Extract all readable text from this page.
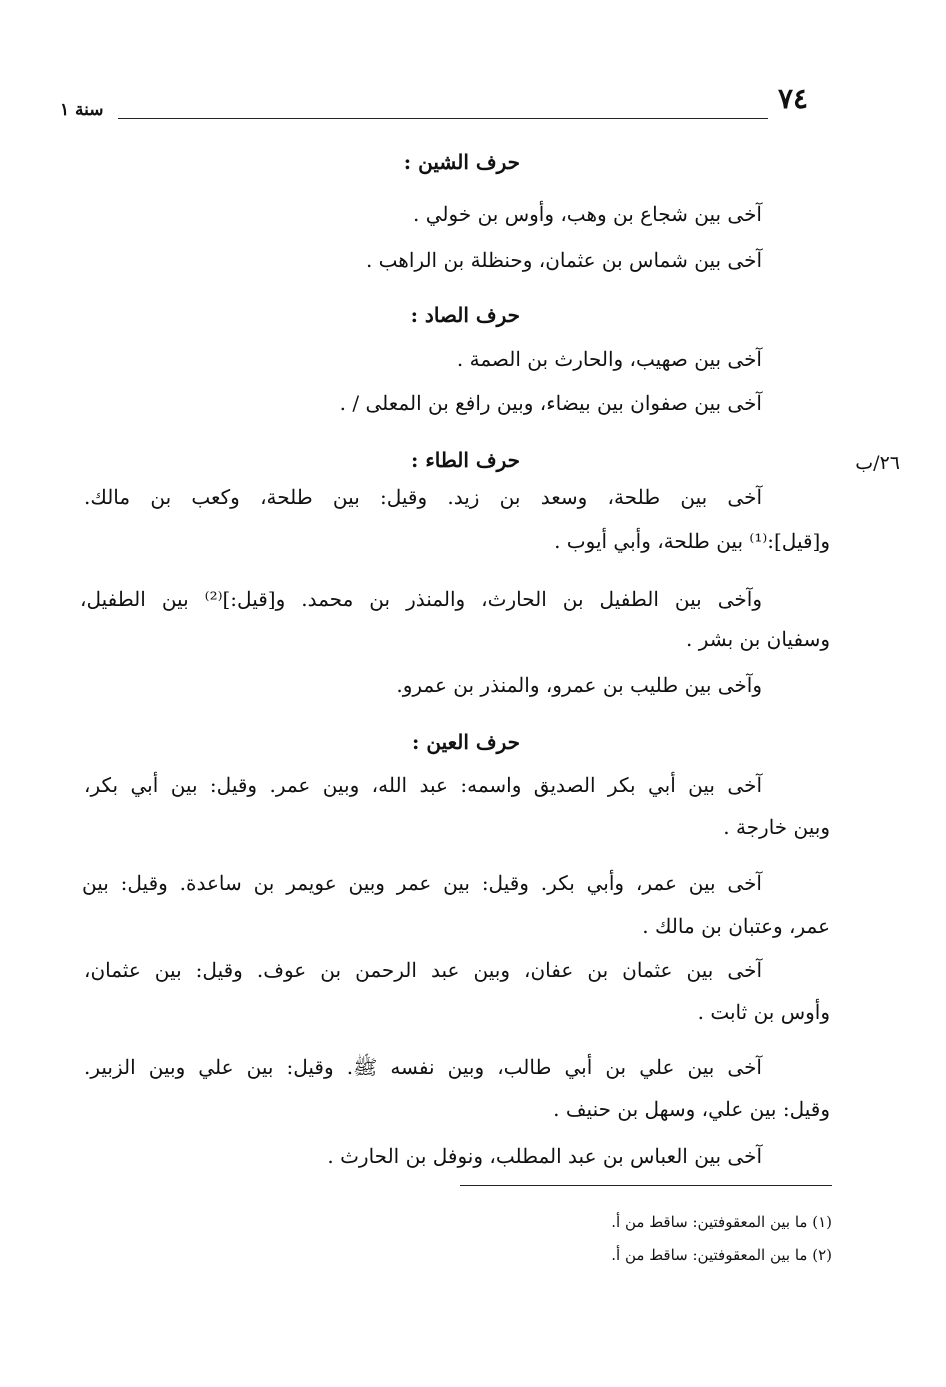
٧٤
سنة ١
٢٦/ب
حرف الشين :
آخى بين شجاع بن وهب، وأوس بن خولي .
آخى بين شماس بن عثمان، وحنظلة بن الراهب .
حرف الصاد :
آخى بين صهيب، والحارث بن الصمة .
آخى بين صفوان بين بيضاء، وبين رافع بن المعلى / .
حرف الطاء :
آخى بين طلحة، وسعد بن زيد. وقيل: بين طلحة، وكعب بن مالك.
و[قيل]:⁽¹⁾ بين طلحة، وأبي أيوب .
وآخى بين الطفيل بن الحارث، والمنذر بن محمد. و[قيل:]⁽²⁾ بين الطفيل،
وسفيان بن بشر .
وآخى بين طليب بن عمرو، والمنذر بن عمرو.
حرف العين :
آخى بين أبي بكر الصديق واسمه: عبد الله، وبين عمر. وقيل: بين أبي بكر،
وبين خارجة .
آخى بين عمر، وأبي بكر. وقيل: بين عمر وبين عويمر بن ساعدة. وقيل: بين
عمر، وعتبان بن مالك .
آخى بين عثمان بن عفان، وبين عبد الرحمن بن عوف. وقيل: بين عثمان،
وأوس بن ثابت .
آخى بين علي بن أبي طالب، وبين نفسه ﷺ. وقيل: بين علي وبين الزبير.
وقيل: بين علي، وسهل بن حنيف .
آخى بين العباس بن عبد المطلب، ونوفل بن الحارث .
(١) ما بين المعقوفتين: ساقط من أ.
(٢) ما بين المعقوفتين: ساقط من أ.
